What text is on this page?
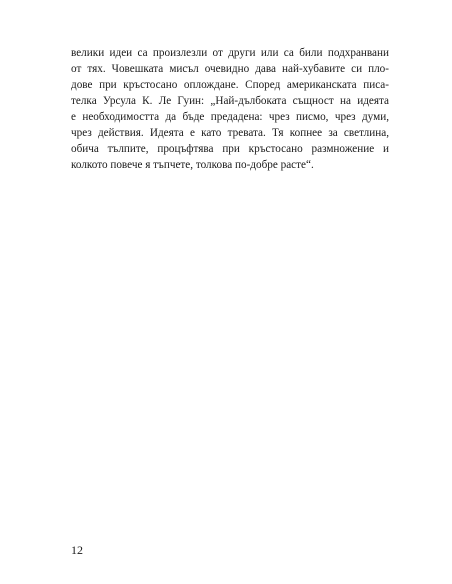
велики идеи са произлезли от други или са били подхранвани
от тях. Човешката мисъл очевидно дава най-хубавите си пло-
дове при кръстосано оплождане. Според американската писа-
телка Урсула К. Ле Гуин: „Най-дълбоката същност на идеята
е необходимостта да бъде предадена: чрез писмо, чрез думи,
чрез действия. Идеята е като тревата. Тя копнее за светлина,
обича тълпите, процъфтява при кръстосано размножение и
колкото повече я тъпчете, толкова по-добре расте“.
12
